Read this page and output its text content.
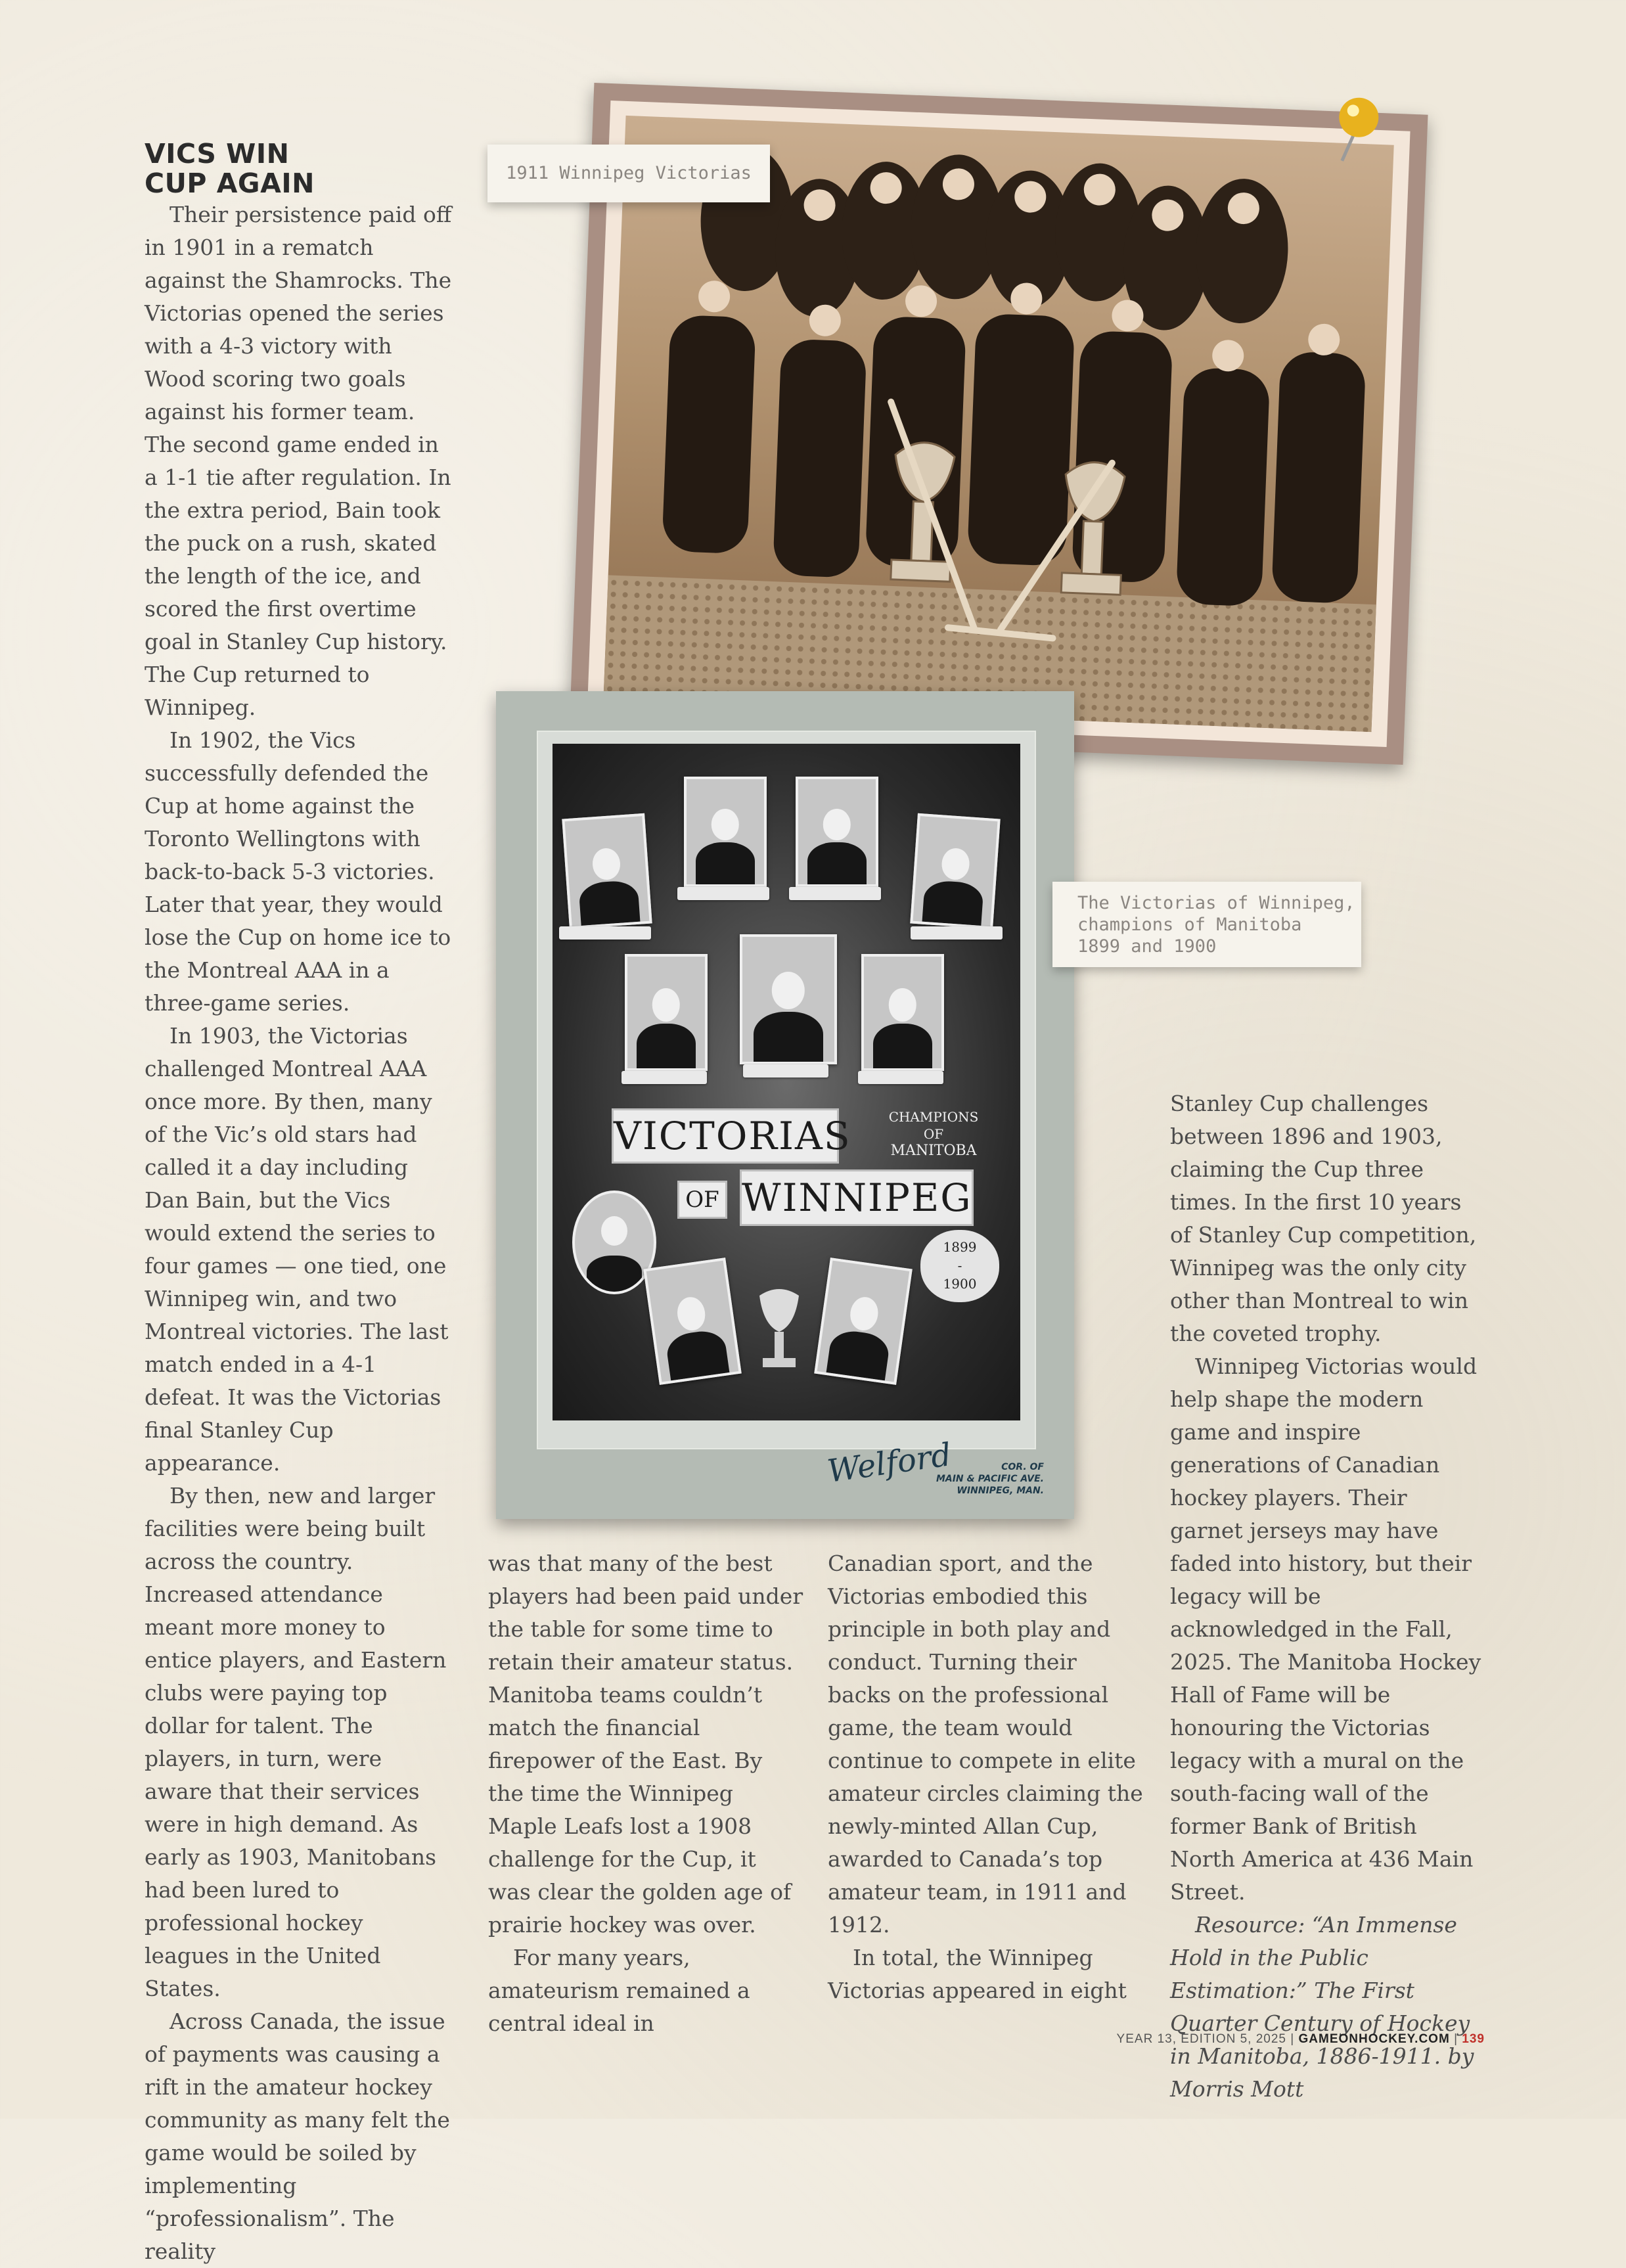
VICS WIN
CUP AGAIN

Their persistence paid off in 1901 in a rematch against the Shamrocks. The Victorias opened the series with a 4-3 victory with Wood scoring two goals against his former team. The second game ended in a 1-1 tie after regulation. In the extra period, Bain took the puck on a rush, skated the length of the ice, and scored the first overtime goal in Stanley Cup history. The Cup returned to Winnipeg.

In 1902, the Vics successfully defended the Cup at home against the Toronto Wellingtons with back-to-back 5-3 victories. Later that year, they would lose the Cup on home ice to the Montreal AAA in a three-game series.

In 1903, the Victorias challenged Montreal AAA once more. By then, many of the Vic’s old stars had called it a day including Dan Bain, but the Vics would extend the series to four games — one tied, one Winnipeg win, and two Montreal victories. The last match ended in a 4-1 defeat. It was the Victorias final Stanley Cup appearance.

By then, new and larger facilities were being built across the country. Increased attendance meant more money to entice players, and Eastern clubs were paying top dollar for talent. The players, in turn, were aware that their services were in high demand. As early as 1903, Manitobans had been lured to professional hockey leagues in the United States.

Across Canada, the issue of payments was causing a rift in the amateur hockey community as many felt the game would be soiled by implementing “professionalism”. The reality

1911 Winnipeg Victorias
VICTORIAS	CHAMPIONS
OF
MANITOBA
OF WINNIPEG
1899
-
1900
Welford	COR. OF
MAIN & PACIFIC AVE.
WINNIPEG, MAN.
The Victorias of Winnipeg,
champions of Manitoba
1899 and 1900

was that many of the best players had been paid under the table for some time to retain their amateur status. Manitoba teams couldn’t match the financial firepower of the East. By the time the Winnipeg Maple Leafs lost a 1908 challenge for the Cup, it was clear the golden age of prairie hockey was over.

For many years, amateurism remained a central ideal in

Canadian sport, and the Victorias embodied this principle in both play and conduct. Turning their backs on the professional game, the team would continue to compete in elite amateur circles claiming the newly-minted Allan Cup, awarded to Canada’s top amateur team, in 1911 and 1912.

In total, the Winnipeg Victorias appeared in eight

Stanley Cup challenges between 1896 and 1903, claiming the Cup three times. In the first 10 years of Stanley Cup competition, Winnipeg was the only city other than Montreal to win the coveted trophy.

Winnipeg Victorias would help shape the modern game and inspire generations of Canadian hockey players. Their garnet jerseys may have faded into history, but their legacy will be acknowledged in the Fall, 2025. The Manitoba Hockey Hall of Fame will be honouring the Victorias legacy with a mural on the south-facing wall of the former Bank of British North America at 436 Main Street.

Resource: “An Immense Hold in the Public Estimation:” The First Quarter Century of Hockey in Manitoba, 1886-1911. by Morris Mott

YEAR 13, EDITION 5, 2025 | GAMEONHOCKEY.COM | 139
